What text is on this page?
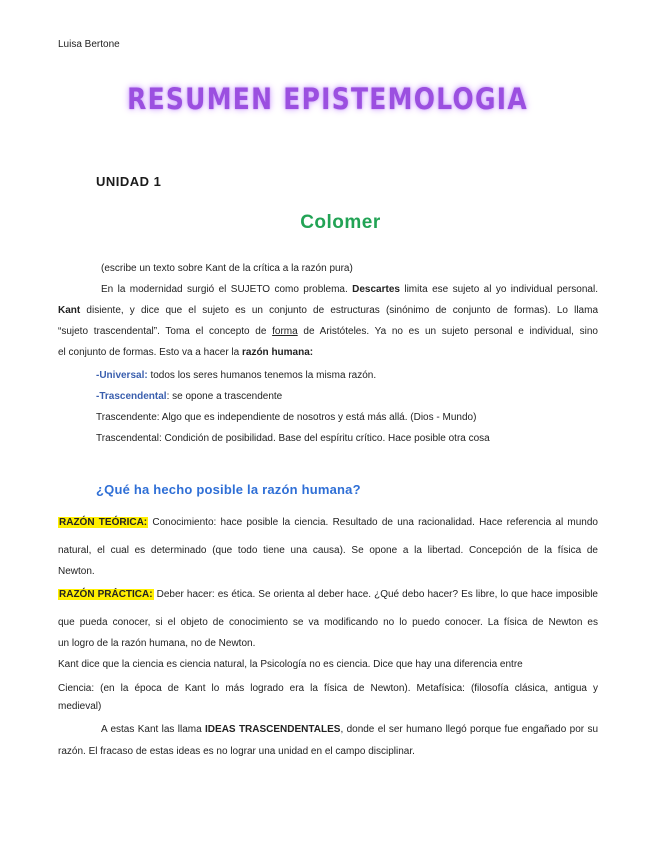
Luisa Bertone
RESUMEN EPISTEMOLOGIA
UNIDAD 1
Colomer
(escribe un texto sobre Kant de la crítica a la razón pura)
En la modernidad surgió el SUJETO como problema. Descartes limita ese sujeto al yo individual personal.
Kant disiente, y dice que el sujeto es un conjunto de estructuras (sinónimo de conjunto de formas). Lo llama
“sujeto trascendental”. Toma el concepto de forma de Aristóteles. Ya no es un sujeto personal e individual, sino
el conjunto de formas. Esto va a hacer la razón humana:
-Universal: todos los seres humanos tenemos la misma razón.
-Trascendental: se opone a trascendente
Trascendente: Algo que es independiente de nosotros y está más allá. (Dios - Mundo)
Trascendental: Condición de posibilidad. Base del espíritu crítico. Hace posible otra cosa
¿Qué ha hecho posible la razón humana?
RAZÓN TEÓRICA: Conocimiento: hace posible la ciencia. Resultado de una racionalidad. Hace referencia al mundo
natural, el cual es determinado (que todo tiene una causa). Se opone a la libertad. Concepción de la física de
Newton.
RAZÓN PRÁCTICA: Deber hacer: es ética. Se orienta al deber hace. ¿Qué debo hacer? Es libre, lo que hace imposible
que pueda conocer, si el objeto de conocimiento se va modificando no lo puedo conocer. La física de Newton es
un logro de la razón humana, no de Newton.
Kant dice que la ciencia es ciencia natural, la Psicología no es ciencia. Dice que hay una diferencia entre
Ciencia: (en la época de Kant lo más logrado era la física de Newton). Metafísica: (filosofía clásica, antigua y
medieval)
A estas Kant las llama IDEAS TRASCENDENTALES, donde el ser humano llegó porque fue engañado por su
razón. El fracaso de estas ideas es no lograr una unidad en el campo disciplinar.
